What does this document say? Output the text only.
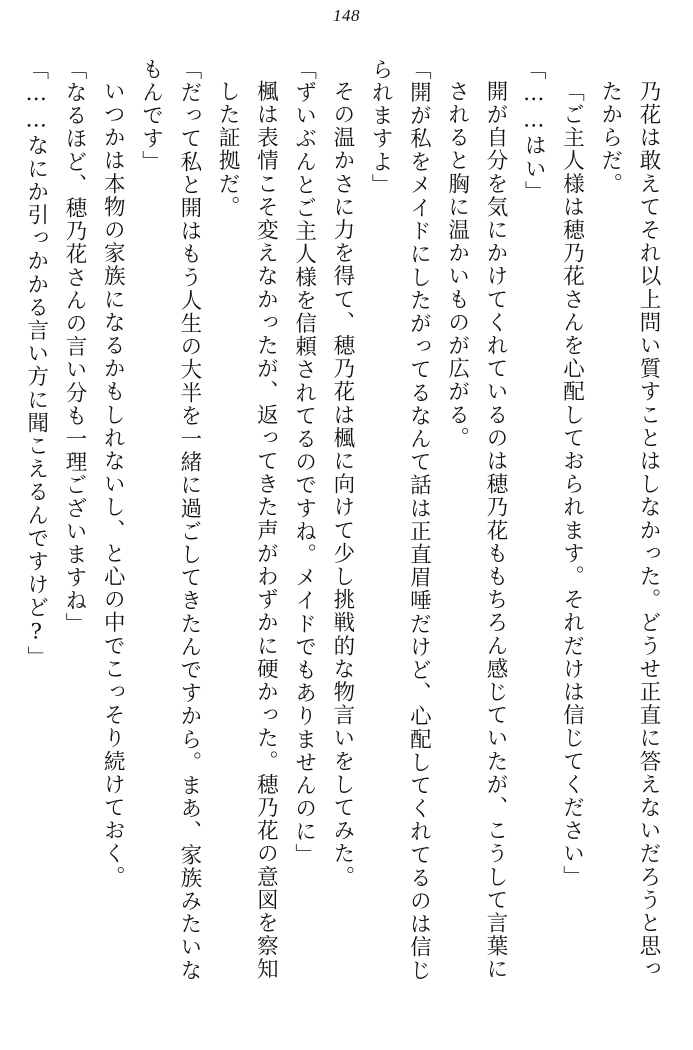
148

乃花は敢えてそれ以上問い質すことはしなかった。どうせ正直に答えないだろうと思ったからだ。

「ご主人様は穂乃花さんを心配しておられます。それだけは信じてください」

「……はい」

開が自分を気にかけてくれているのは穂乃花ももちろん感じていたが、こうして言葉にされると胸に温かいものが広がる。

「開が私をメイドにしたがってるなんて話は正直眉唾だけど、心配してくれてるのは信じられますよ」

その温かさに力を得て、穂乃花は楓に向けて少し挑戦的な物言いをしてみた。

「ずいぶんとご主人様を信頼されてるのですね。メイドでもありませんのに」

楓は表情こそ変えなかったが、返ってきた声がわずかに硬かった。穂乃花の意図を察知した証拠だ。

「だって私と開はもう人生の大半を一緒に過ごしてきたんですから。まあ、家族みたいなもんです」

いつかは本物の家族になるかもしれないし、と心の中でこっそり続けておく。

「なるほど、穂乃花さんの言い分も一理ございますね」

「……なにか引っかかる言い方に聞こえるんですけど?」
